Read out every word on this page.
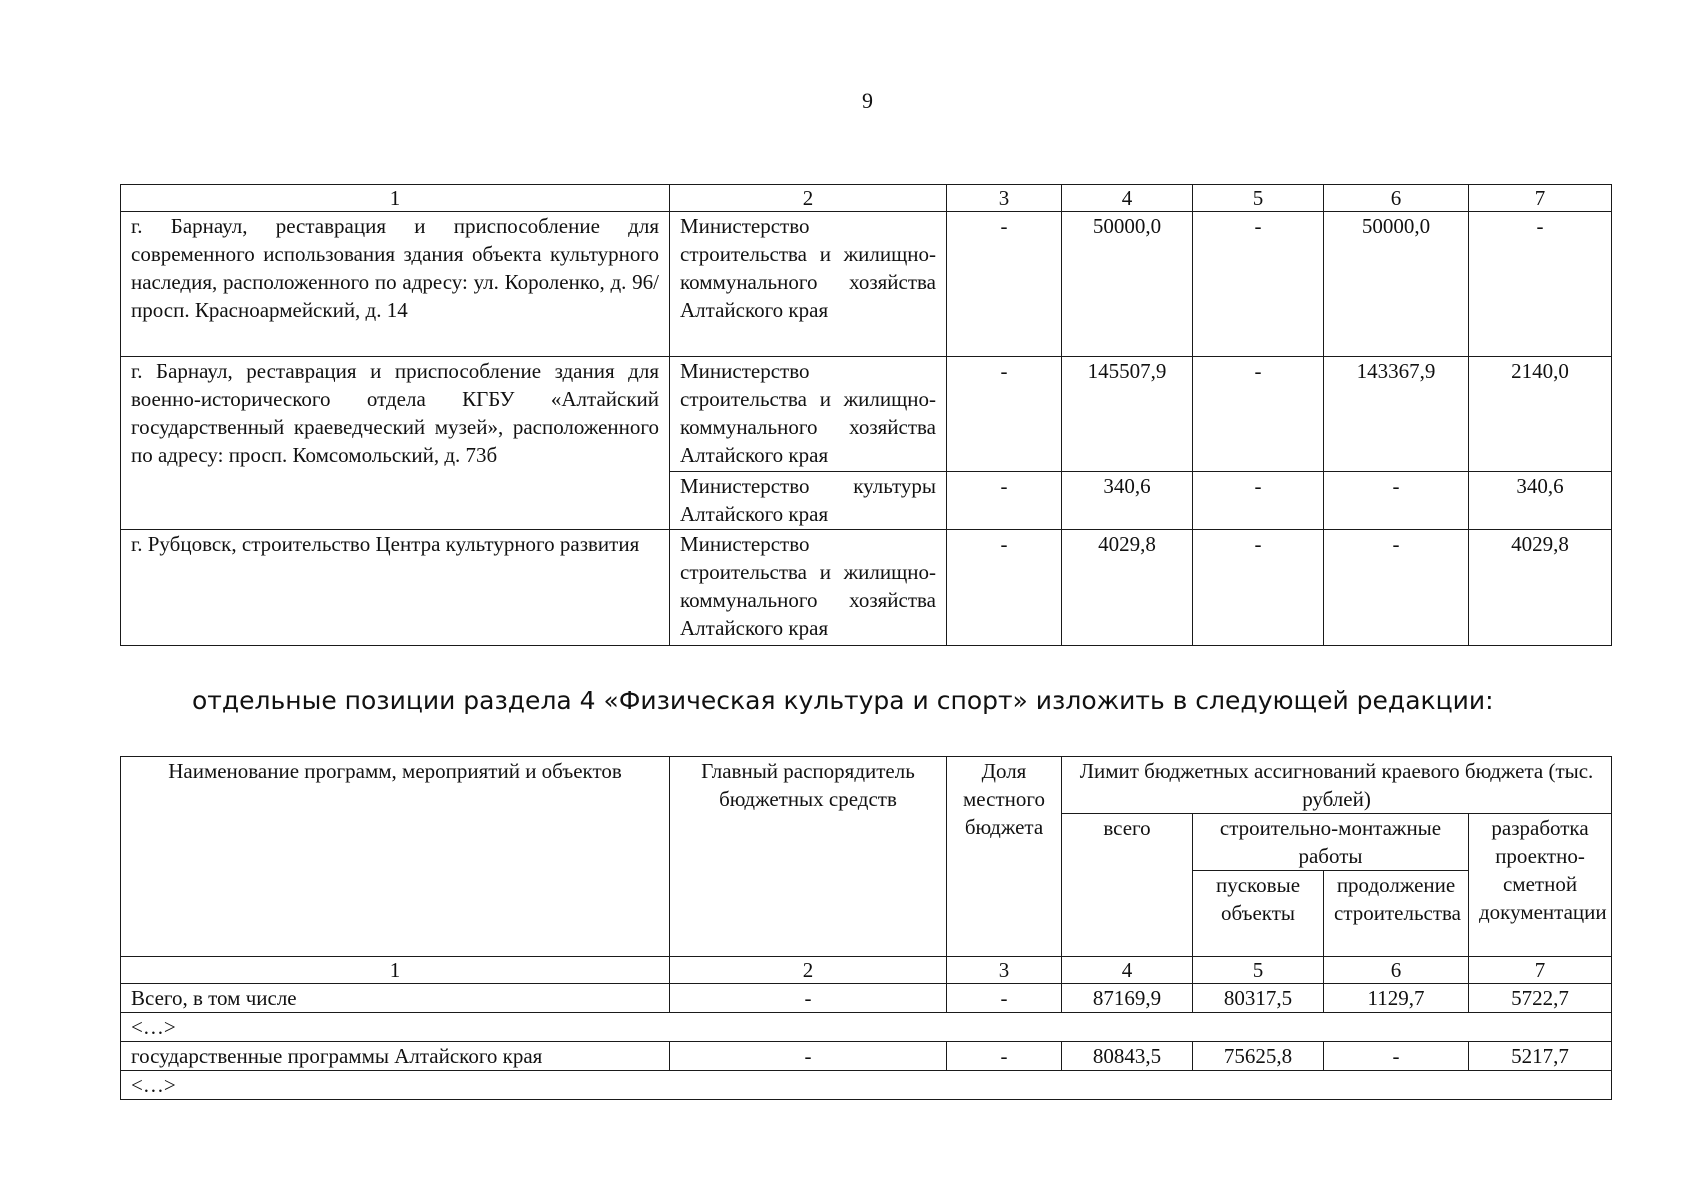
9
1	2	3	4	5	6	7
г. Барнаул, реставрация и приспособление для современного использования здания объекта культурного наследия, расположенного по адресу: ул. Короленко, д. 96/просп. Красноармейский, д. 14	Министерство строительства и жилищно-коммунального хозяйства Алтайского края	-	50000,0	-	50000,0	-
г. Барнаул, реставрация и приспособление здания для военно-исторического отдела КГБУ «Алтайский государственный краеведческий музей», расположенного по адресу: просп. Комсомольский, д. 73б	Министерство строительства и жилищно-коммунального хозяйства Алтайского края	-	145507,9	-	143367,9	2140,0
	Министерство культуры Алтайского края	-	340,6	-	-	340,6
г. Рубцовск, строительство Центра культурного развития	Министерство строительства и жилищно-коммунального хозяйства Алтайского края	-	4029,8	-	-	4029,8
отдельные позиции раздела 4 «Физическая культура и спорт» изложить в следующей редакции:
Наименование программ, мероприятий и объектов	Главный распорядитель бюджетных средств	Доля местного бюджета	Лимит бюджетных ассигнований краевого бюджета (тыс. рублей)			
			всего	строительно-монтажные работы		разработка проектно-сметной документации
				пусковые объекты	продолжение строительства	

1	2	3	4	5	6	7
Всего, в том числе	-	-	87169,9	80317,5	1129,7	5722,7
<…>						
государственные программы Алтайского края	-	-	80843,5	75625,8	-	5217,7
<…>						
